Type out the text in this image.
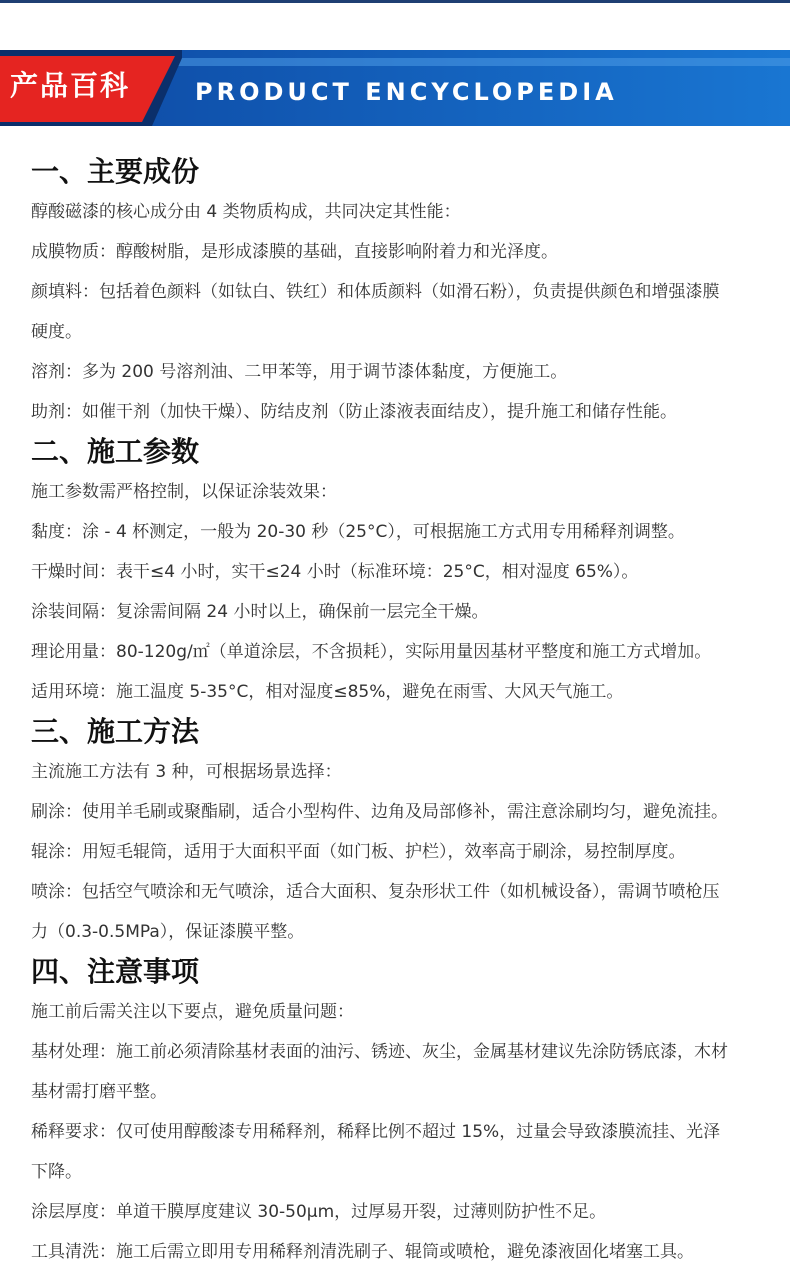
产品百科	PRODUCT ENCYCLOPEDIA
一、主要成份

醇酸磁漆的核心成分由 4 类物质构成，共同决定其性能：

成膜物质：醇酸树脂，是形成漆膜的基础，直接影响附着力和光泽度。

颜填料：包括着色颜料（如钛白、铁红）和体质颜料（如滑石粉），负责提供颜色和增强漆膜
硬度。

溶剂：多为 200 号溶剂油、二甲苯等，用于调节漆体黏度，方便施工。

助剂：如催干剂（加快干燥）、防结皮剂（防止漆液表面结皮），提升施工和储存性能。

二、施工参数

施工参数需严格控制，以保证涂装效果：

黏度：涂 - 4 杯测定，一般为 20-30 秒（25°C），可根据施工方式用专用稀释剂调整。

干燥时间：表干≤4 小时，实干≤24 小时（标准环境：25°C，相对湿度 65%）。

涂装间隔：复涂需间隔 24 小时以上，确保前一层完全干燥。

理论用量：80-120g/㎡（单道涂层，不含损耗），实际用量因基材平整度和施工方式增加。

适用环境：施工温度 5-35°C，相对湿度≤85%，避免在雨雪、大风天气施工。

三、施工方法

主流施工方法有 3 种，可根据场景选择：

刷涂：使用羊毛刷或聚酯刷，适合小型构件、边角及局部修补，需注意涂刷均匀，避免流挂。

辊涂：用短毛辊筒，适用于大面积平面（如门板、护栏），效率高于刷涂，易控制厚度。

喷涂：包括空气喷涂和无气喷涂，适合大面积、复杂形状工件（如机械设备），需调节喷枪压
力（0.3-0.5MPa），保证漆膜平整。

四、注意事项

施工前后需关注以下要点，避免质量问题：

基材处理：施工前必须清除基材表面的油污、锈迹、灰尘，金属基材建议先涂防锈底漆，木材
基材需打磨平整。

稀释要求：仅可使用醇酸漆专用稀释剂，稀释比例不超过 15%，过量会导致漆膜流挂、光泽
下降。

涂层厚度：单道干膜厚度建议 30-50μm，过厚易开裂，过薄则防护性不足。

工具清洗：施工后需立即用专用稀释剂清洗刷子、辊筒或喷枪，避免漆液固化堵塞工具。
